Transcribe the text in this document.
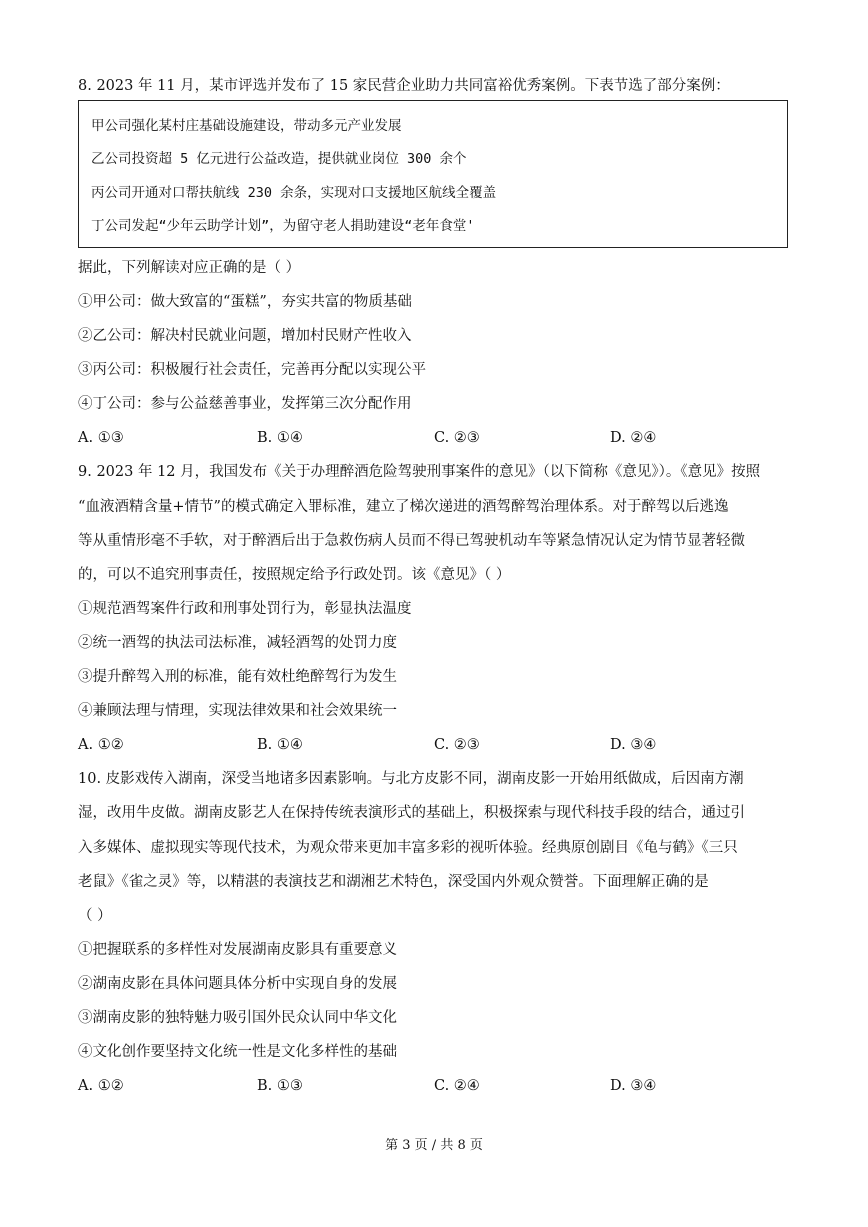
8. 2023 年 11 月，某市评选并发布了 15 家民营企业助力共同富裕优秀案例。下表节选了部分案例：
甲公司强化某村庄基础设施建设，带动多元产业发展
乙公司投资超 5 亿元进行公益改造，提供就业岗位 300 余个
丙公司开通对口帮扶航线 230 余条，实现对口支援地区航线全覆盖
丁公司发起“少年云助学计划”，为留守老人捐助建设“老年食堂'
据此，下列解读对应正确的是（ ）
①甲公司：做大致富的“蛋糕”，夯实共富的物质基础
②乙公司：解决村民就业问题，增加村民财产性收入
③丙公司：积极履行社会责任，完善再分配以实现公平
④丁公司：参与公益慈善事业，发挥第三次分配作用
A. ①③	B. ①④	C. ②③	D. ②④
9. 2023 年 12 月，我国发布《关于办理醉酒危险驾驶刑事案件的意见》（以下简称《意见》）。《意见》按照
“血液酒精含量+情节”的模式确定入罪标准，建立了梯次递进的酒驾醉驾治理体系。对于醉驾以后逃逸
等从重情形毫不手软，对于醉酒后出于急救伤病人员而不得已驾驶机动车等紧急情况认定为情节显著轻微
的，可以不追究刑事责任，按照规定给予行政处罚。该《意见》（ ）
①规范酒驾案件行政和刑事处罚行为，彰显执法温度
②统一酒驾的执法司法标准，减轻酒驾的处罚力度
③提升醉驾入刑的标准，能有效杜绝醉驾行为发生
④兼顾法理与情理，实现法律效果和社会效果统一
A. ①②	B. ①④	C. ②③	D. ③④
10. 皮影戏传入湖南，深受当地诸多因素影响。与北方皮影不同，湖南皮影一开始用纸做成，后因南方潮
湿，改用牛皮做。湖南皮影艺人在保持传统表演形式的基础上，积极探索与现代科技手段的结合，通过引
入多媒体、虚拟现实等现代技术，为观众带来更加丰富多彩的视听体验。经典原创剧目《龟与鹤》《三只
老鼠》《雀之灵》等，以精湛的表演技艺和湖湘艺术特色，深受国内外观众赞誉。下面理解正确的是
（ ）
①把握联系的多样性对发展湖南皮影具有重要意义
②湖南皮影在具体问题具体分析中实现自身的发展
③湖南皮影的独特魅力吸引国外民众认同中华文化
④文化创作要坚持文化统一性是文化多样性的基础
A. ①②	B. ①③	C. ②④	D. ③④
第 3 页 / 共 8 页
